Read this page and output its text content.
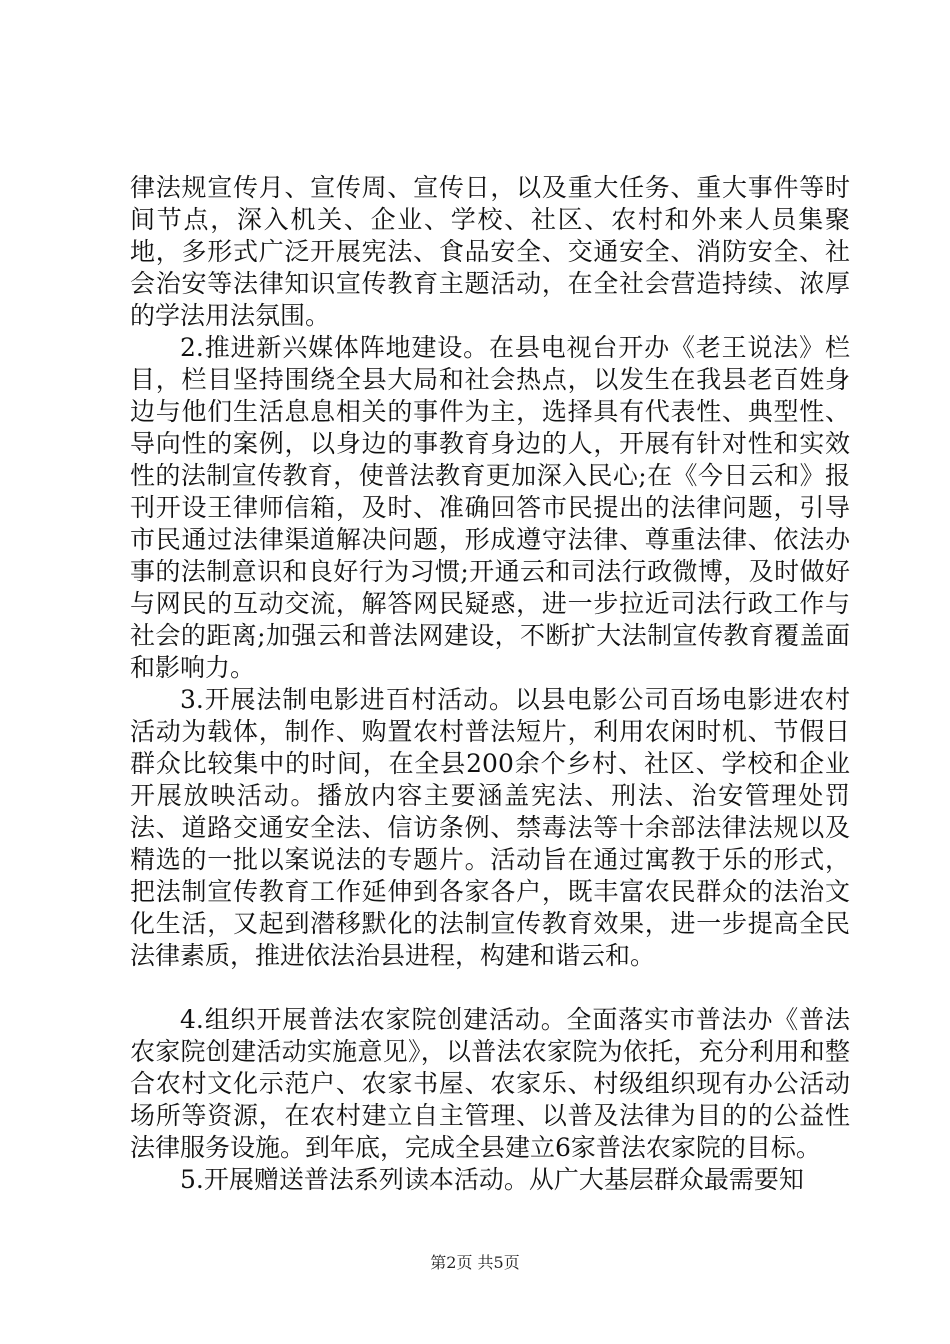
律法规宣传月、宣传周、宣传日，以及重大任务、重大事件等时间节点，深入机关、企业、学校、社区、农村和外来人员集聚地，多形式广泛开展宪法、食品安全、交通安全、消防安全、社会治安等法律知识宣传教育主题活动，在全社会营造持续、浓厚的学法用法氛围。

2.推进新兴媒体阵地建设。在县电视台开办《老王说法》栏目，栏目坚持围绕全县大局和社会热点，以发生在我县老百姓身边与他们生活息息相关的事件为主，选择具有代表性、典型性、导向性的案例，以身边的事教育身边的人，开展有针对性和实效性的法制宣传教育，使普法教育更加深入民心;在《今日云和》报刊开设王律师信箱，及时、准确回答市民提出的法律问题，引导市民通过法律渠道解决问题，形成遵守法律、尊重法律、依法办事的法制意识和良好行为习惯;开通云和司法行政微博，及时做好与网民的互动交流，解答网民疑惑，进一步拉近司法行政工作与社会的距离;加强云和普法网建设，不断扩大法制宣传教育覆盖面和影响力。

3.开展法制电影进百村活动。以县电影公司百场电影进农村活动为载体，制作、购置农村普法短片，利用农闲时机、节假日群众比较集中的时间，在全县200余个乡村、社区、学校和企业开展放映活动。播放内容主要涵盖宪法、刑法、治安管理处罚法、道路交通安全法、信访条例、禁毒法等十余部法律法规以及精选的一批以案说法的专题片。活动旨在通过寓教于乐的形式，把法制宣传教育工作延伸到各家各户，既丰富农民群众的法治文化生活，又起到潜移默化的法制宣传教育效果，进一步提高全民法律素质，推进依法治县进程，构建和谐云和。

4.组织开展普法农家院创建活动。全面落实市普法办《普法农家院创建活动实施意见》，以普法农家院为依托，充分利用和整合农村文化示范户、农家书屋、农家乐、村级组织现有办公活动场所等资源，在农村建立自主管理、以普及法律为目的的公益性法律服务设施。到年底，完成全县建立6家普法农家院的目标。

5.开展赠送普法系列读本活动。从广大基层群众最需要知

第2页 共5页
